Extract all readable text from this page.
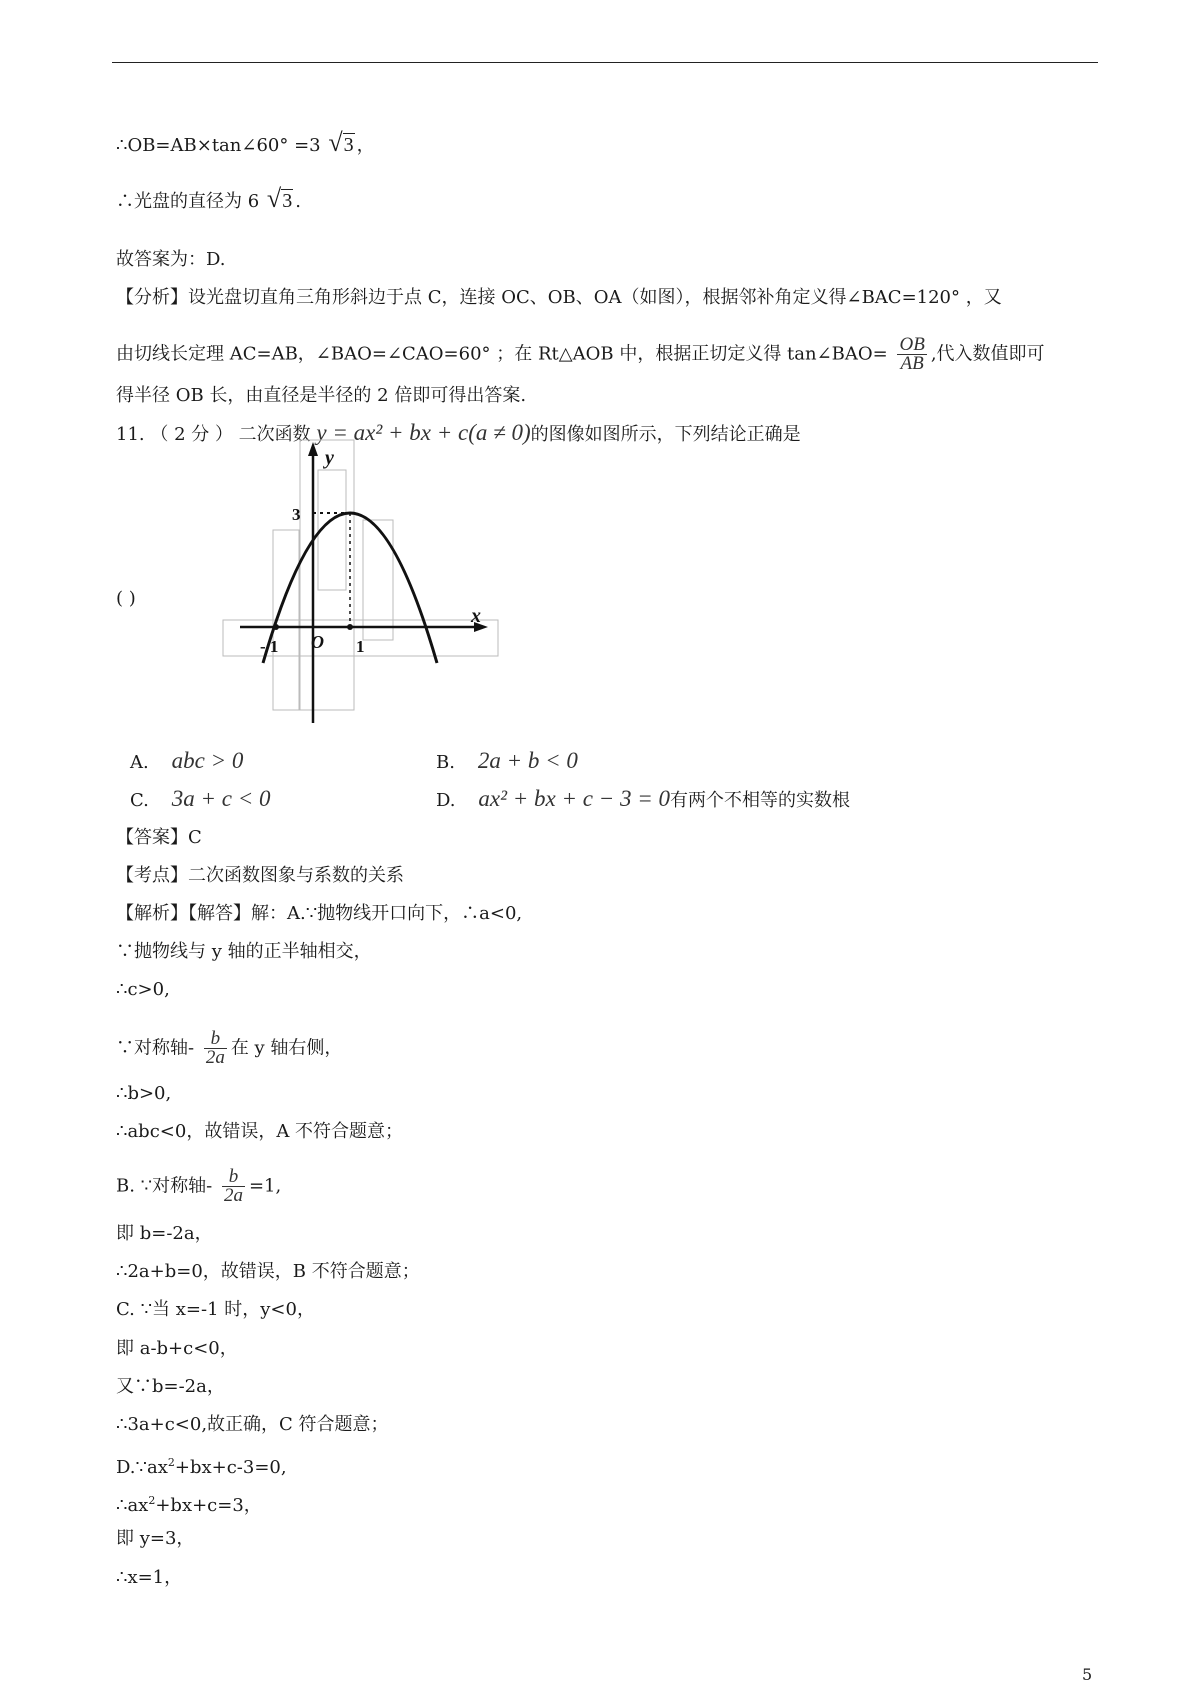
∴OB=AB×tan∠60° =3 √3 ，
∴光盘的直径为 6 √3 .
故答案为：D.
【分析】设光盘切直角三角形斜边于点 C，连接 OC、OB、OA（如图），根据邻补角定义得∠BAC=120° ，又
由切线长定理 AC=AB，∠BAO=∠CAO=60° ；在 Rt△AOB 中，根据正切定义得 tan∠BAO= $\frac{OB}{AB}$ ,代入数值即可
得半径 OB 长，由直径是半径的 2 倍即可得出答案.
11. （ 2 分 ） 二次函数 y = ax² + bx + c(a ≠ 0)的图像如图所示，下列结论正确是
( )
y
3
x
- 1 O 1
A. abc > 0	B. 2a + b < 0
C. 3a + c < 0	D. ax² + bx + c − 3 = 0有两个不相等的实数根
【答案】C
【考点】二次函数图象与系数的关系
【解析】【解答】解：A.∵抛物线开口向下，∴a<0,
∵抛物线与 y 轴的正半轴相交，
∴c>0,
∵对称轴- $\frac{b}{2a}$ 在 y 轴右侧，
∴b>0,
∴abc<0，故错误，A 不符合题意；
B. ∵对称轴- $\frac{b}{2a} =1$,
即 b=-2a，
∴2a+b=0，故错误，B 不符合题意；
C. ∵当 x=-1 时，y<0，
即 a-b+c<0，
又∵b=-2a，
∴3a+c<0,故正确，C 符合题意；
$D.\because ax^2+bx+c-3=0$,
$\therefore ax^2+bx+c=3$，
即 y=3，
∴x=1，
5
